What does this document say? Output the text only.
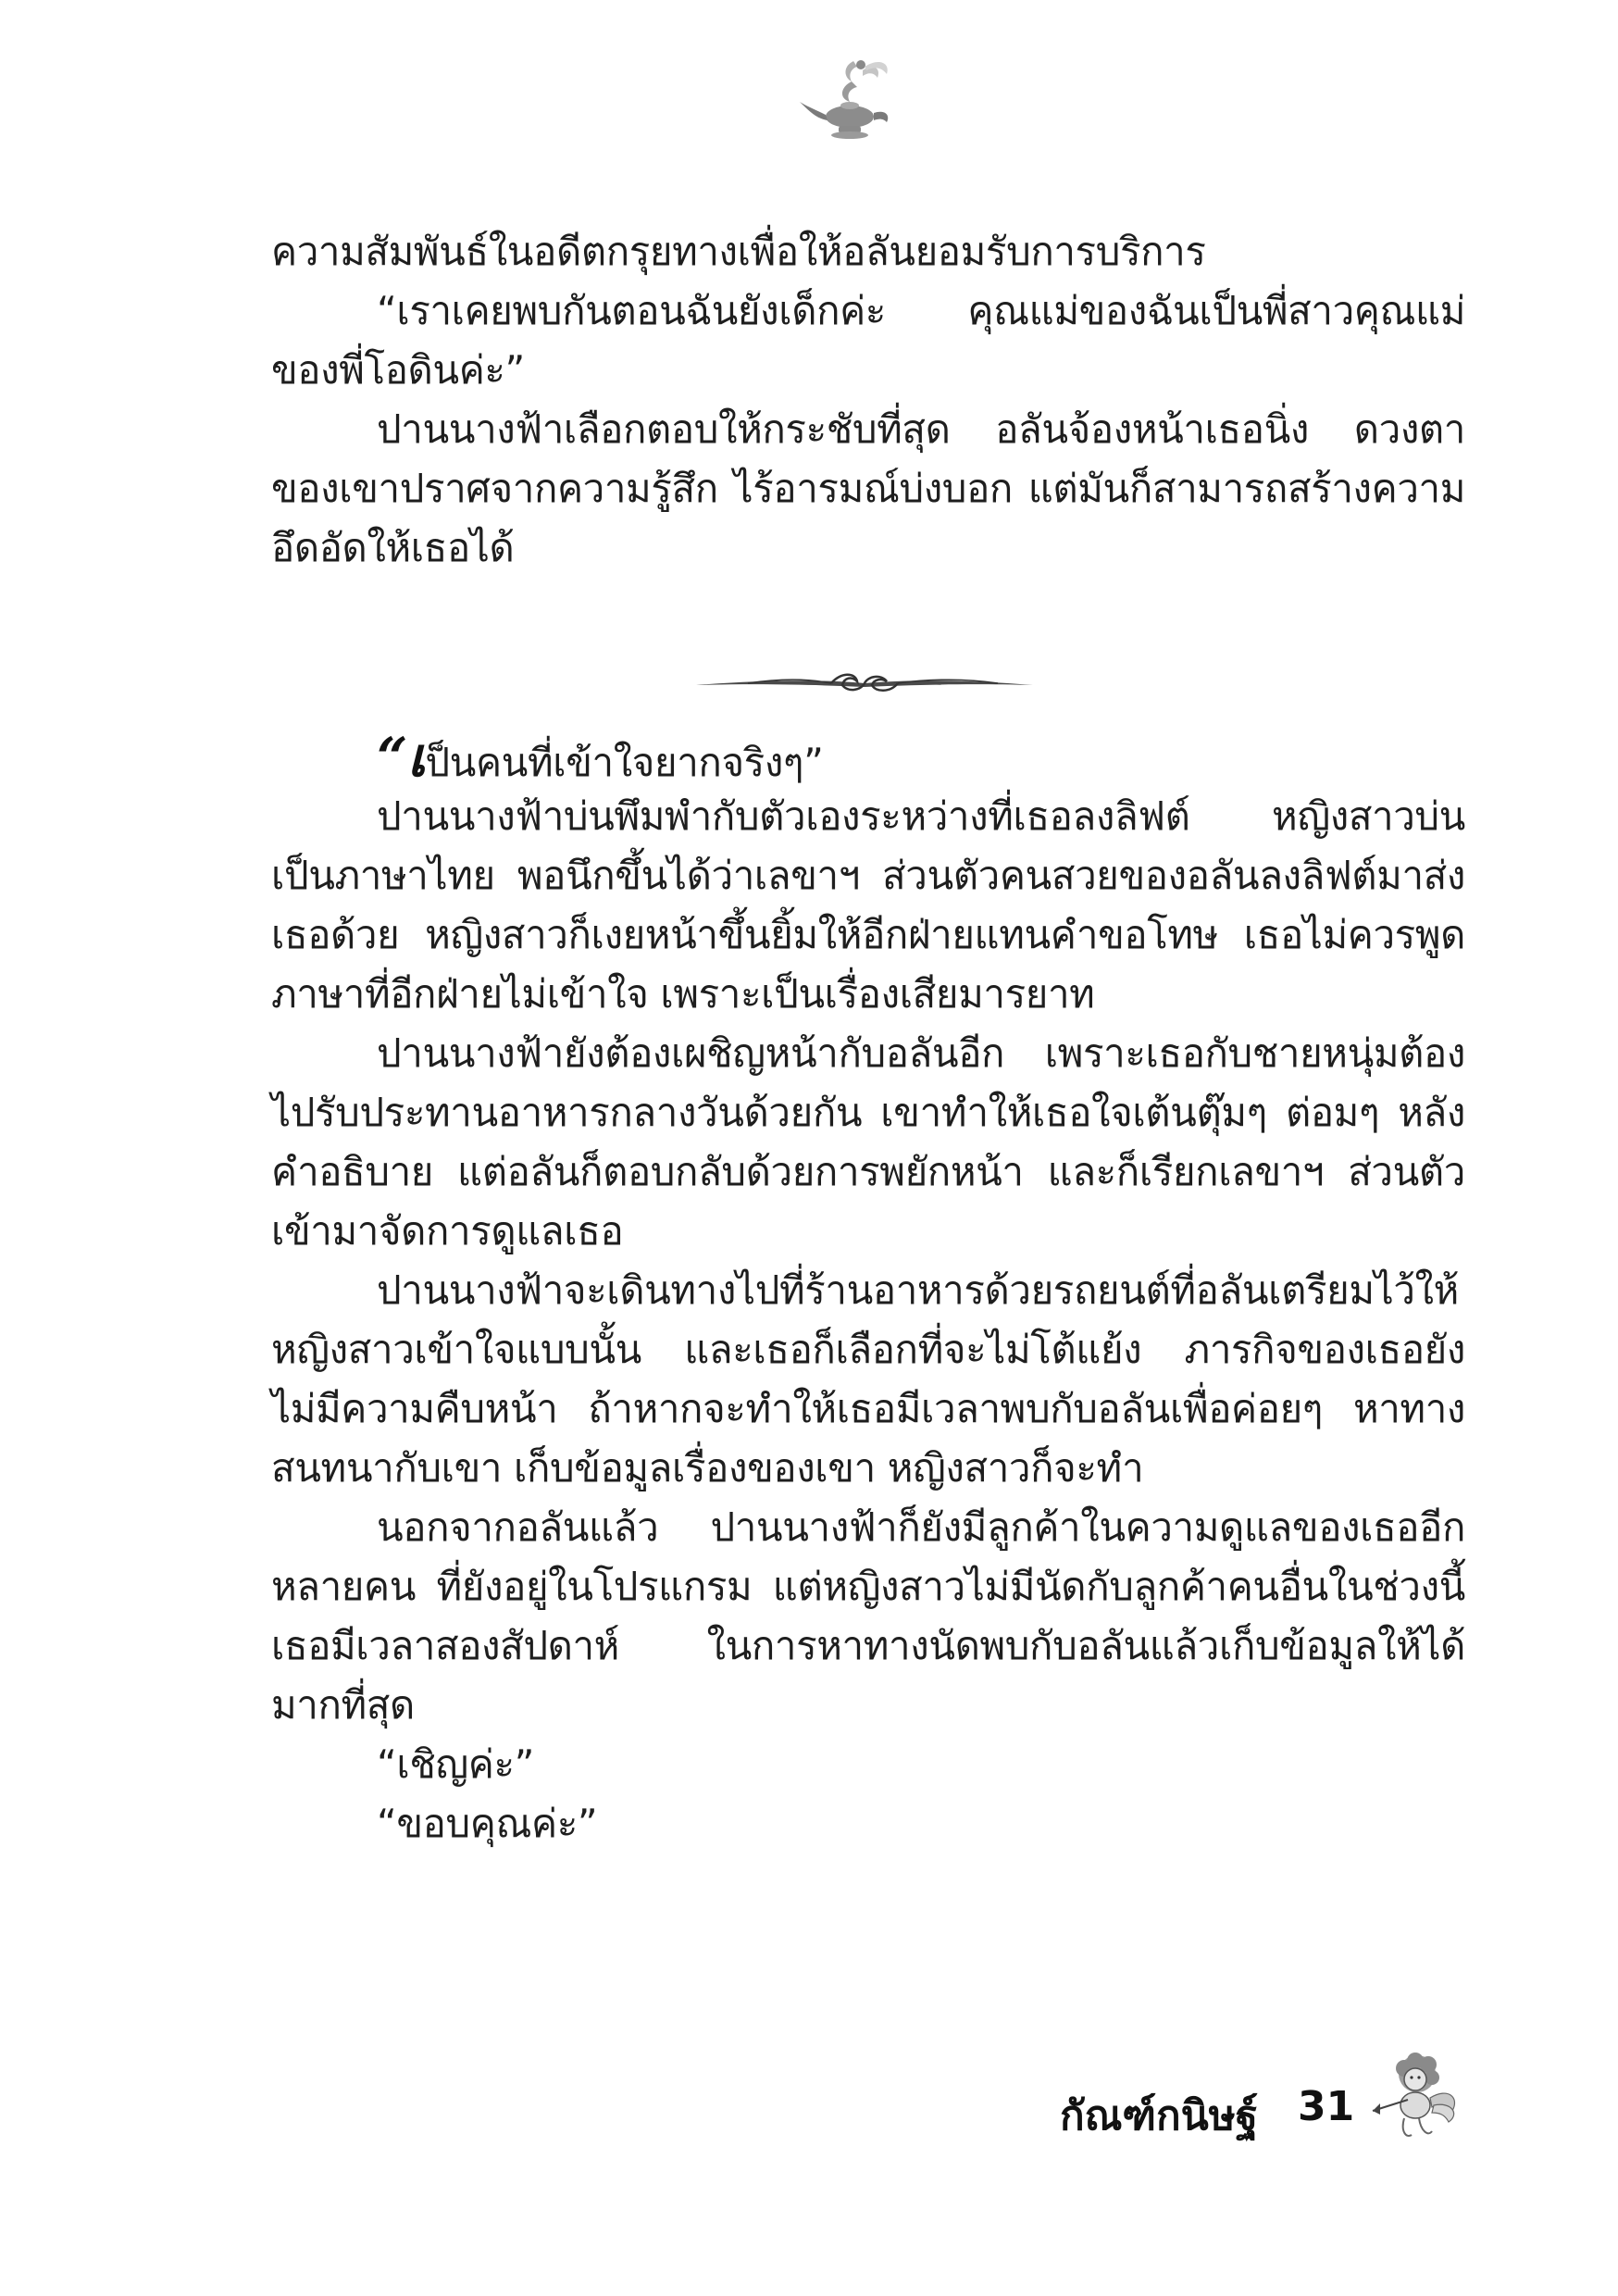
ความสัมพันธ์ในอดีตกรุยทางเพื่อให้อลันยอมรับการบริการ
“เราเคยพบกันตอนฉันยังเด็กค่ะ คุณแม่ของฉันเป็นพี่สาวคุณแม่
ของพี่โอดินค่ะ”
ปานนางฟ้าเลือกตอบให้กระชับที่สุด อลันจ้องหน้าเธอนิ่ง ดวงตา
ของเขาปราศจากความรู้สึก ไร้อารมณ์บ่งบอก แต่มันก็สามารถสร้างความ
อึดอัดให้เธอได้
“เป็นคนที่เข้าใจยากจริงๆ”
ปานนางฟ้าบ่นพึมพำกับตัวเองระหว่างที่เธอลงลิฟต์ หญิงสาวบ่น
เป็นภาษาไทย พอนึกขึ้นได้ว่าเลขาฯ ส่วนตัวคนสวยของอลันลงลิฟต์มาส่ง
เธอด้วย หญิงสาวก็เงยหน้าขึ้นยิ้มให้อีกฝ่ายแทนคำขอโทษ เธอไม่ควรพูด
ภาษาที่อีกฝ่ายไม่เข้าใจ เพราะเป็นเรื่องเสียมารยาท
ปานนางฟ้ายังต้องเผชิญหน้ากับอลันอีก เพราะเธอกับชายหนุ่มต้อง
ไปรับประทานอาหารกลางวันด้วยกัน เขาทำให้เธอใจเต้นตุ๊มๆ ต่อมๆ หลัง
คำอธิบาย แต่อลันก็ตอบกลับด้วยการพยักหน้า และก็เรียกเลขาฯ ส่วนตัว
เข้ามาจัดการดูแลเธอ
ปานนางฟ้าจะเดินทางไปที่ร้านอาหารด้วยรถยนต์ที่อลันเตรียมไว้ให้
หญิงสาวเข้าใจแบบนั้น และเธอก็เลือกที่จะไม่โต้แย้ง ภารกิจของเธอยัง
ไม่มีความคืบหน้า ถ้าหากจะทำให้เธอมีเวลาพบกับอลันเพื่อค่อยๆ หาทาง
สนทนากับเขา เก็บข้อมูลเรื่องของเขา หญิงสาวก็จะทำ
นอกจากอลันแล้ว ปานนางฟ้าก็ยังมีลูกค้าในความดูแลของเธออีก
หลายคน ที่ยังอยู่ในโปรแกรม แต่หญิงสาวไม่มีนัดกับลูกค้าคนอื่นในช่วงนี้
เธอมีเวลาสองสัปดาห์ ในการหาทางนัดพบกับอลันแล้วเก็บข้อมูลให้ได้
มากที่สุด
“เชิญค่ะ”
“ขอบคุณค่ะ”
กัณฑ์กนิษฐ์ 31
